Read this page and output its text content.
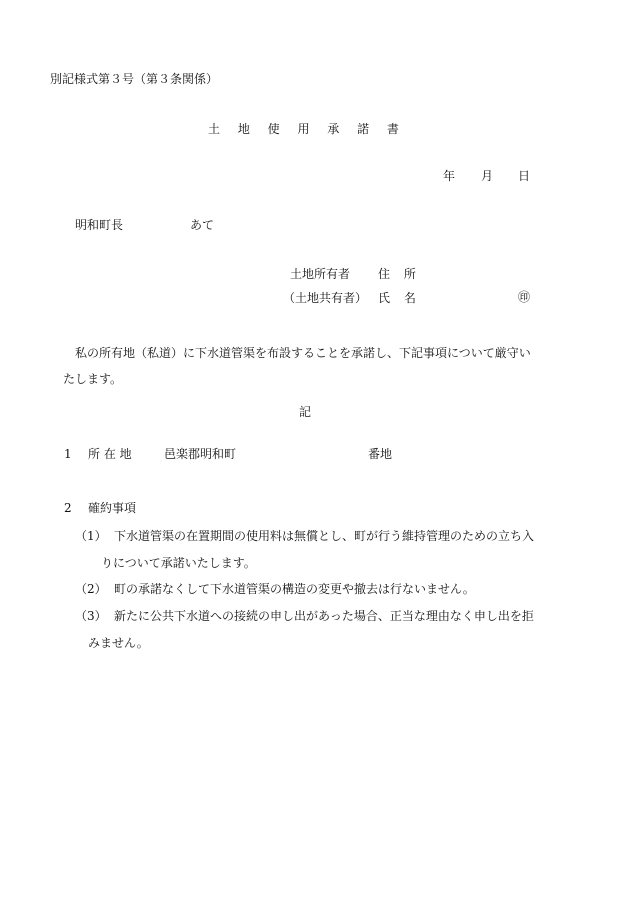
別記様式第３号（第３条関係）
土 地 使 用 承 諾 書
年 月 日
明和町長	あて
土地所有者 住 所
（土地共有者） 氏 名	㊞
私の所有地（私道）に下水道管渠を布設することを承諾し、下記事項について厳守い
たします。
記
1 所 在 地	邑楽郡明和町	番地
2 確約事項
（1） 下水道管渠の在置期間の使用料は無償とし、町が行う維持管理のための立ち入
りについて承諾いたします。
（2） 町の承諾なくして下水道管渠の構造の変更や撤去は行ないません。
（3） 新たに公共下水道への接続の申し出があった場合、正当な理由なく申し出を拒
みません。
